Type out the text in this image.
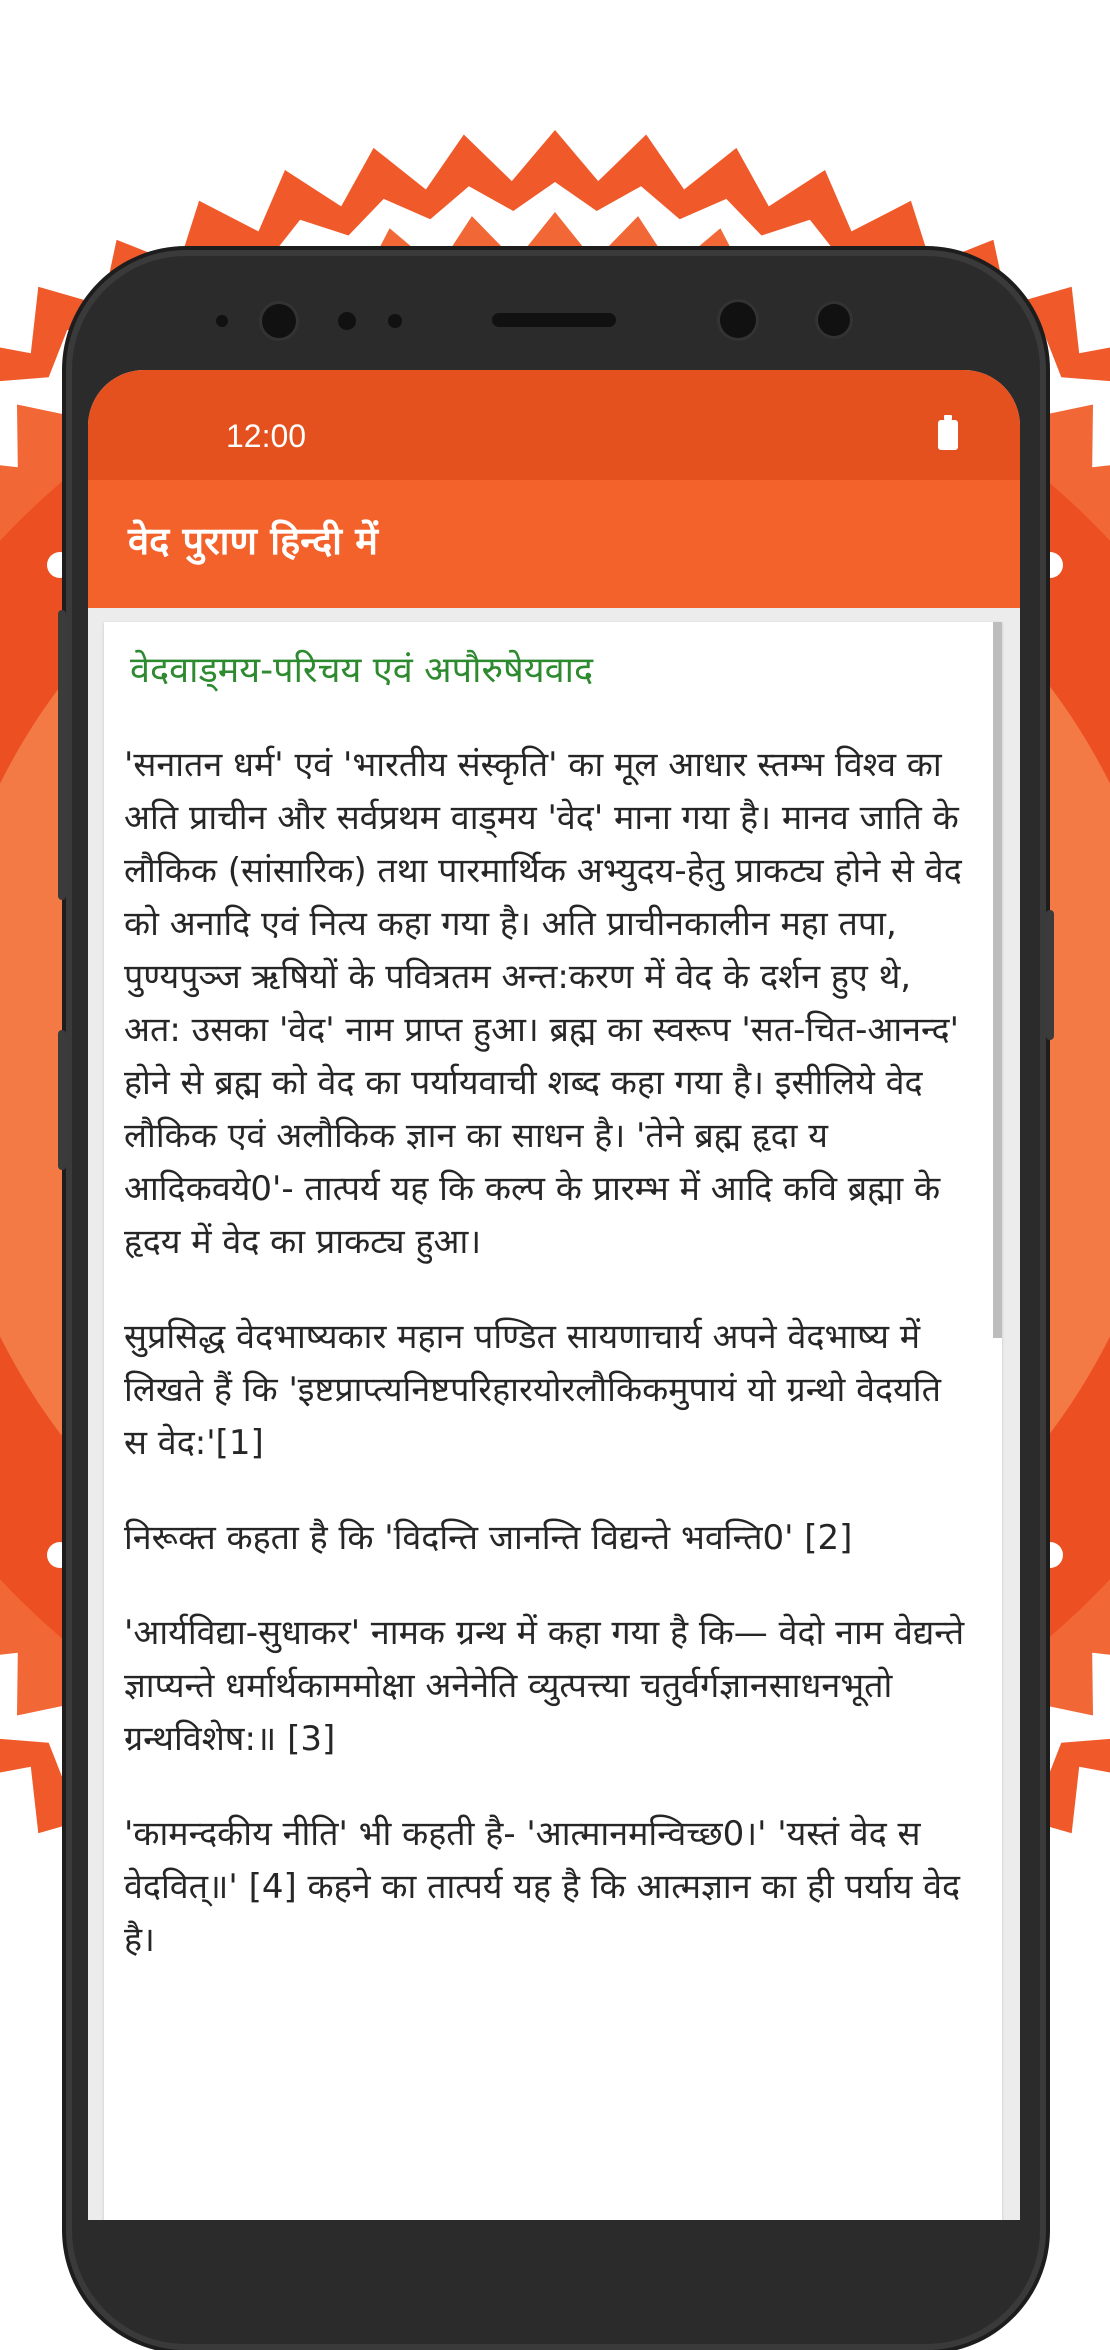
12:00
वेद पुराण हिन्दी में
वेदवाड्मय-परिचय एवं अपौरुषेयवाद

'सनातन धर्म' एवं 'भारतीय संस्कृति' का मूल आधार स्तम्भ विश्व का अति प्राचीन और सर्वप्रथम वाड्मय 'वेद' माना गया है। मानव जाति के लौकिक (सांसारिक) तथा पारमार्थिक अभ्युदय-हेतु प्राकट्य होने से वेद को अनादि एवं नित्य कहा गया है। अति प्राचीनकालीन महा तपा, पुण्यपुञ्ज ऋषियों के पवित्रतम अन्त:करण में वेद के दर्शन हुए थे, अत: उसका 'वेद' नाम प्राप्त हुआ। ब्रह्म का स्वरूप 'सत-चित-आनन्द' होने से ब्रह्म को वेद का पर्यायवाची शब्द कहा गया है। इसीलिये वेद लौकिक एवं अलौकिक ज्ञान का साधन है। 'तेने ब्रह्म हृदा य आदिकवये0'- तात्पर्य यह कि कल्प के प्रारम्भ में आदि कवि ब्रह्मा के हृदय में वेद का प्राकट्य हुआ।

सुप्रसिद्ध वेदभाष्यकार महान पण्डित सायणाचार्य अपने वेदभाष्य में लिखते हैं कि 'इष्टप्राप्त्यनिष्टपरिहारयोरलौकिकमुपायं यो ग्रन्थो वेदयति स वेद:'[1]

निरूक्त कहता है कि 'विदन्ति जानन्ति विद्यन्ते भवन्ति0' [2]

'आर्यविद्या-सुधाकर' नामक ग्रन्थ में कहा गया है कि— वेदो नाम वेद्यन्ते ज्ञाप्यन्ते धर्मार्थकाममोक्षा अनेनेति व्युत्पत्त्या चतुर्वर्गज्ञानसाधनभूतो ग्रन्थविशेष:॥ [3]

'कामन्दकीय नीति' भी कहती है- 'आत्मानमन्विच्छ0।' 'यस्तं वेद स वेदवित्॥' [4] कहने का तात्पर्य यह है कि आत्मज्ञान का ही पर्याय वेद है।
